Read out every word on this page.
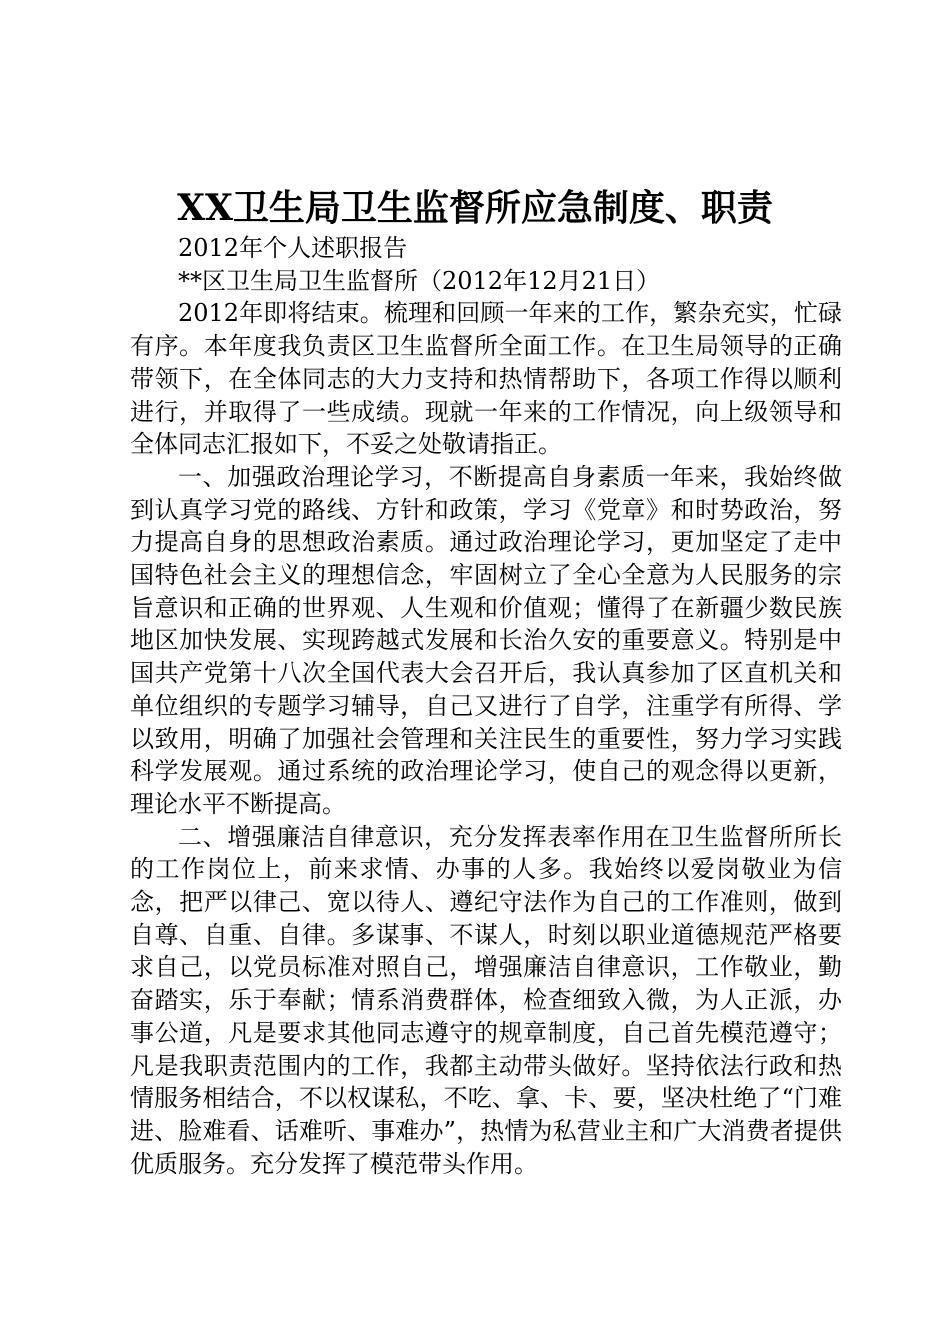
XX卫生局卫生监督所应急制度、职责

2012年个人述职报告

**区卫生局卫生监督所（2012年12月21日）

2012年即将结束。梳理和回顾一年来的工作，繁杂充实，忙碌有序。本年度我负责区卫生监督所全面工作。在卫生局领导的正确带领下，在全体同志的大力支持和热情帮助下，各项工作得以顺利进行，并取得了一些成绩。现就一年来的工作情况，向上级领导和全体同志汇报如下，不妥之处敬请指正。

一、加强政治理论学习，不断提高自身素质一年来，我始终做到认真学习党的路线、方针和政策，学习《党章》和时势政治，努力提高自身的思想政治素质。通过政治理论学习，更加坚定了走中国特色社会主义的理想信念，牢固树立了全心全意为人民服务的宗旨意识和正确的世界观、人生观和价值观；懂得了在新疆少数民族地区加快发展、实现跨越式发展和长治久安的重要意义。特别是中国共产党第十八次全国代表大会召开后，我认真参加了区直机关和单位组织的专题学习辅导，自己又进行了自学，注重学有所得、学以致用，明确了加强社会管理和关注民生的重要性，努力学习实践科学发展观。通过系统的政治理论学习，使自己的观念得以更新，理论水平不断提高。

二、增强廉洁自律意识，充分发挥表率作用在卫生监督所所长的工作岗位上，前来求情、办事的人多。我始终以爱岗敬业为信念，把严以律己、宽以待人、遵纪守法作为自己的工作准则，做到自尊、自重、自律。多谋事、不谋人，时刻以职业道德规范严格要求自己，以党员标准对照自己，增强廉洁自律意识，工作敬业，勤奋踏实，乐于奉献；情系消费群体，检查细致入微，为人正派，办事公道，凡是要求其他同志遵守的规章制度，自己首先模范遵守；凡是我职责范围内的工作，我都主动带头做好。坚持依法行政和热情服务相结合，不以权谋私，不吃、拿、卡、要，坚决杜绝了“门难进、脸难看、话难听、事难办”，热情为私营业主和广大消费者提供优质服务。充分发挥了模范带头作用。
